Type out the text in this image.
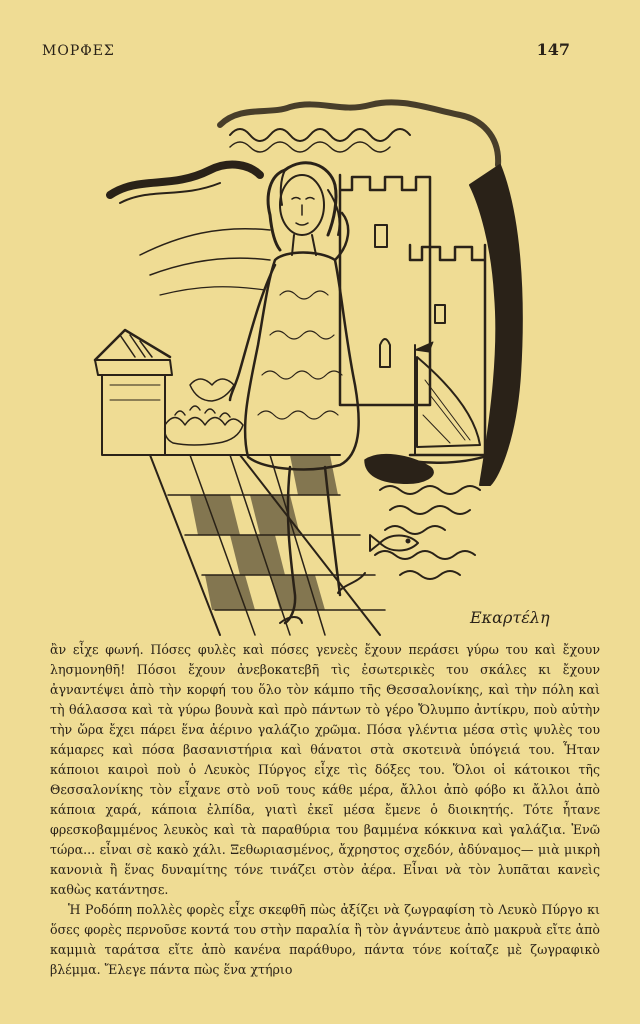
ΜΟΡΦΕΣ	147
Εκαρτέλη

ἂν εἶχε φωνή. Πόσες φυλὲς καὶ πόσες γενεὲς ἔχουν περάσει γύρω του καὶ ἔχουν λησμονηθῆ! Πόσοι ἔχουν ἀνεβοκατεβῆ τὶς ἐσωτερικὲς του σκάλες κι ἔχουν ἀγναντέψει ἀπὸ τὴν κορφή του ὅλο τὸν κάμπο τῆς Θεσσαλονίκης, καὶ τὴν πόλη καὶ τὴ θάλασσα καὶ τὰ γύρω βουνὰ καὶ πρὸ πάντων τὸ γέρο Ὄλυμπο ἀντίκρυ, ποὺ αὐτὴν τὴν ὥρα ἔχει πάρει ἕνα ἀέρινο γαλάζιο χρῶμα. Πόσα γλέντια μέσα στὶς ψυλὲς του κάμαρες καὶ πόσα βασανιστήρια καὶ θάνατοι στὰ σκοτεινὰ ὑπόγειά του. Ἦταν κάποιοι καιροὶ ποὺ ὁ Λευκὸς Πύργος εἶχε τὶς δόξες του. Ὅλοι οἱ κάτοικοι τῆς Θεσσαλονίκης τὸν εἶχανε στὸ νοῦ τους κάθε μέρα, ἄλλοι ἀπὸ φόβο κι ἄλλοι ἀπὸ κάποια χαρά, κάποια ἐλπίδα, γιατὶ ἐκεῖ μέσα ἔμενε ὁ διοικητής. Τότε ἦτανε φρεσκοβαμμένος λευκὸς καὶ τὰ παραθύρια του βαμμένα κόκκινα καὶ γαλάζια. Ἐνῶ τώρα... εἶναι σὲ κακὸ χάλι. Ξεθωριασμένος, ἄχρηστος σχεδόν, ἀδύναμος— μιὰ μικρὴ κανονιὰ ἢ ἕνας δυναμίτης τόνε τινάζει στὸν ἀέρα. Εἶναι νὰ τὸν λυπᾶται κανεὶς καθὼς κατάντησε.

Ἡ Ροδόπη πολλὲς φορὲς εἶχε σκεφθῆ πὼς ἀξίζει νὰ ζωγραφίση τὸ Λευκὸ Πύργο κι ὅσες φορὲς περνοῦσε κοντά του στὴν παραλία ἢ τὸν ἀγνάντευε ἀπὸ μακρυὰ εἴτε ἀπὸ καμμιὰ ταράτσα εἴτε ἀπὸ κανένα παράθυρο, πάντα τόνε κοίταζε μὲ ζωγραφικὸ βλέμμα. Ἔλεγε πάντα πὼς ἕνα χτήριο
